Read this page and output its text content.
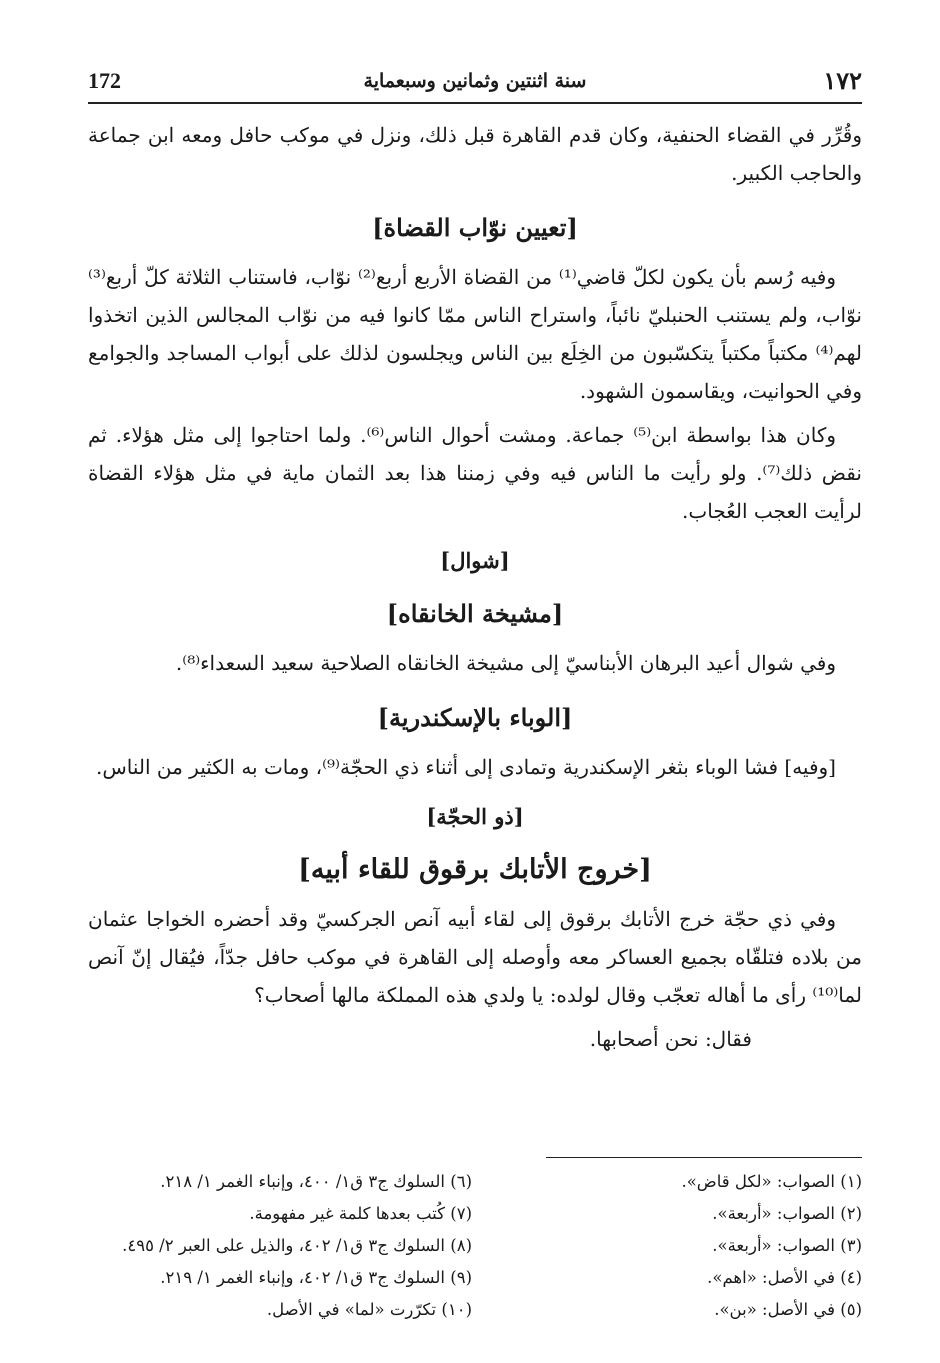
172	سنة اثنتين وثمانين وسبعماية	١٧٢

وقُرِّر في القضاء الحنفية، وكان قدم القاهرة قبل ذلك، ونزل في موكب حافل ومعه ابن جماعة والحاجب الكبير.

[تعيين نوّاب القضاة]

وفيه رُسم بأن يكون لكلّ قاضي⁽¹⁾ من القضاة الأربع أربع⁽²⁾ نوّاب، فاستناب الثلاثة كلّ أربع⁽³⁾ نوّاب، ولم يستنب الحنبليّ نائباً، واستراح الناس ممّا كانوا فيه من نوّاب المجالس الذين اتخذوا لهم⁽⁴⁾ مكتباً مكتباً يتكسّبون من الخِلَع بين الناس ويجلسون لذلك على أبواب المساجد والجوامع وفي الحوانيت، ويقاسمون الشهود.

وكان هذا بواسطة ابن⁽⁵⁾ جماعة. ومشت أحوال الناس⁽⁶⁾. ولما احتاجوا إلى مثل هؤلاء. ثم نقض ذلك⁽⁷⁾. ولو رأيت ما الناس فيه وفي زمننا هذا بعد الثمان ماية في مثل هؤلاء القضاة لرأيت العجب العُجاب.

[شوال]
[مشيخة الخانقاه]

وفي شوال أعيد البرهان الأبناسيّ إلى مشيخة الخانقاه الصلاحية سعيد السعداء⁽⁸⁾.

[الوباء بالإسكندرية]

[وفيه] فشا الوباء بثغر الإسكندرية وتمادى إلى أثناء ذي الحجّة⁽⁹⁾، ومات به الكثير من الناس.

[ذو الحجّة]
[خروج الأتابك برقوق للقاء أبيه]

وفي ذي حجّة خرج الأتابك برقوق إلى لقاء أبيه آنص الجركسيّ وقد أحضره الخواجا عثمان من بلاده فتلقّاه بجميع العساكر معه وأوصله إلى القاهرة في موكب حافل جدّاً، فيُقال إنّ آنص لما⁽¹⁰⁾ رأى ما أهاله تعجّب وقال لولده: يا ولدي هذه المملكة مالها أصحاب؟

فقال: نحن أصحابها.

(١) الصواب: «لكل قاض».
(٢) الصواب: «أربعة».
(٣) الصواب: «أربعة».
(٤) في الأصل: «اهم».
(٥) في الأصل: «بن».
(٦) السلوك ج٣ ق١/ ٤٠٠، وإنباء الغمر ١/ ٢١٨.
(٧) كُتب بعدها كلمة غير مفهومة.
(٨) السلوك ج٣ ق١/ ٤٠٢، والذيل على العبر ٢/ ٤٩٥.
(٩) السلوك ج٣ ق١/ ٤٠٢، وإنباء الغمر ١/ ٢١٩.
(١٠) تكرّرت «لما» في الأصل.
